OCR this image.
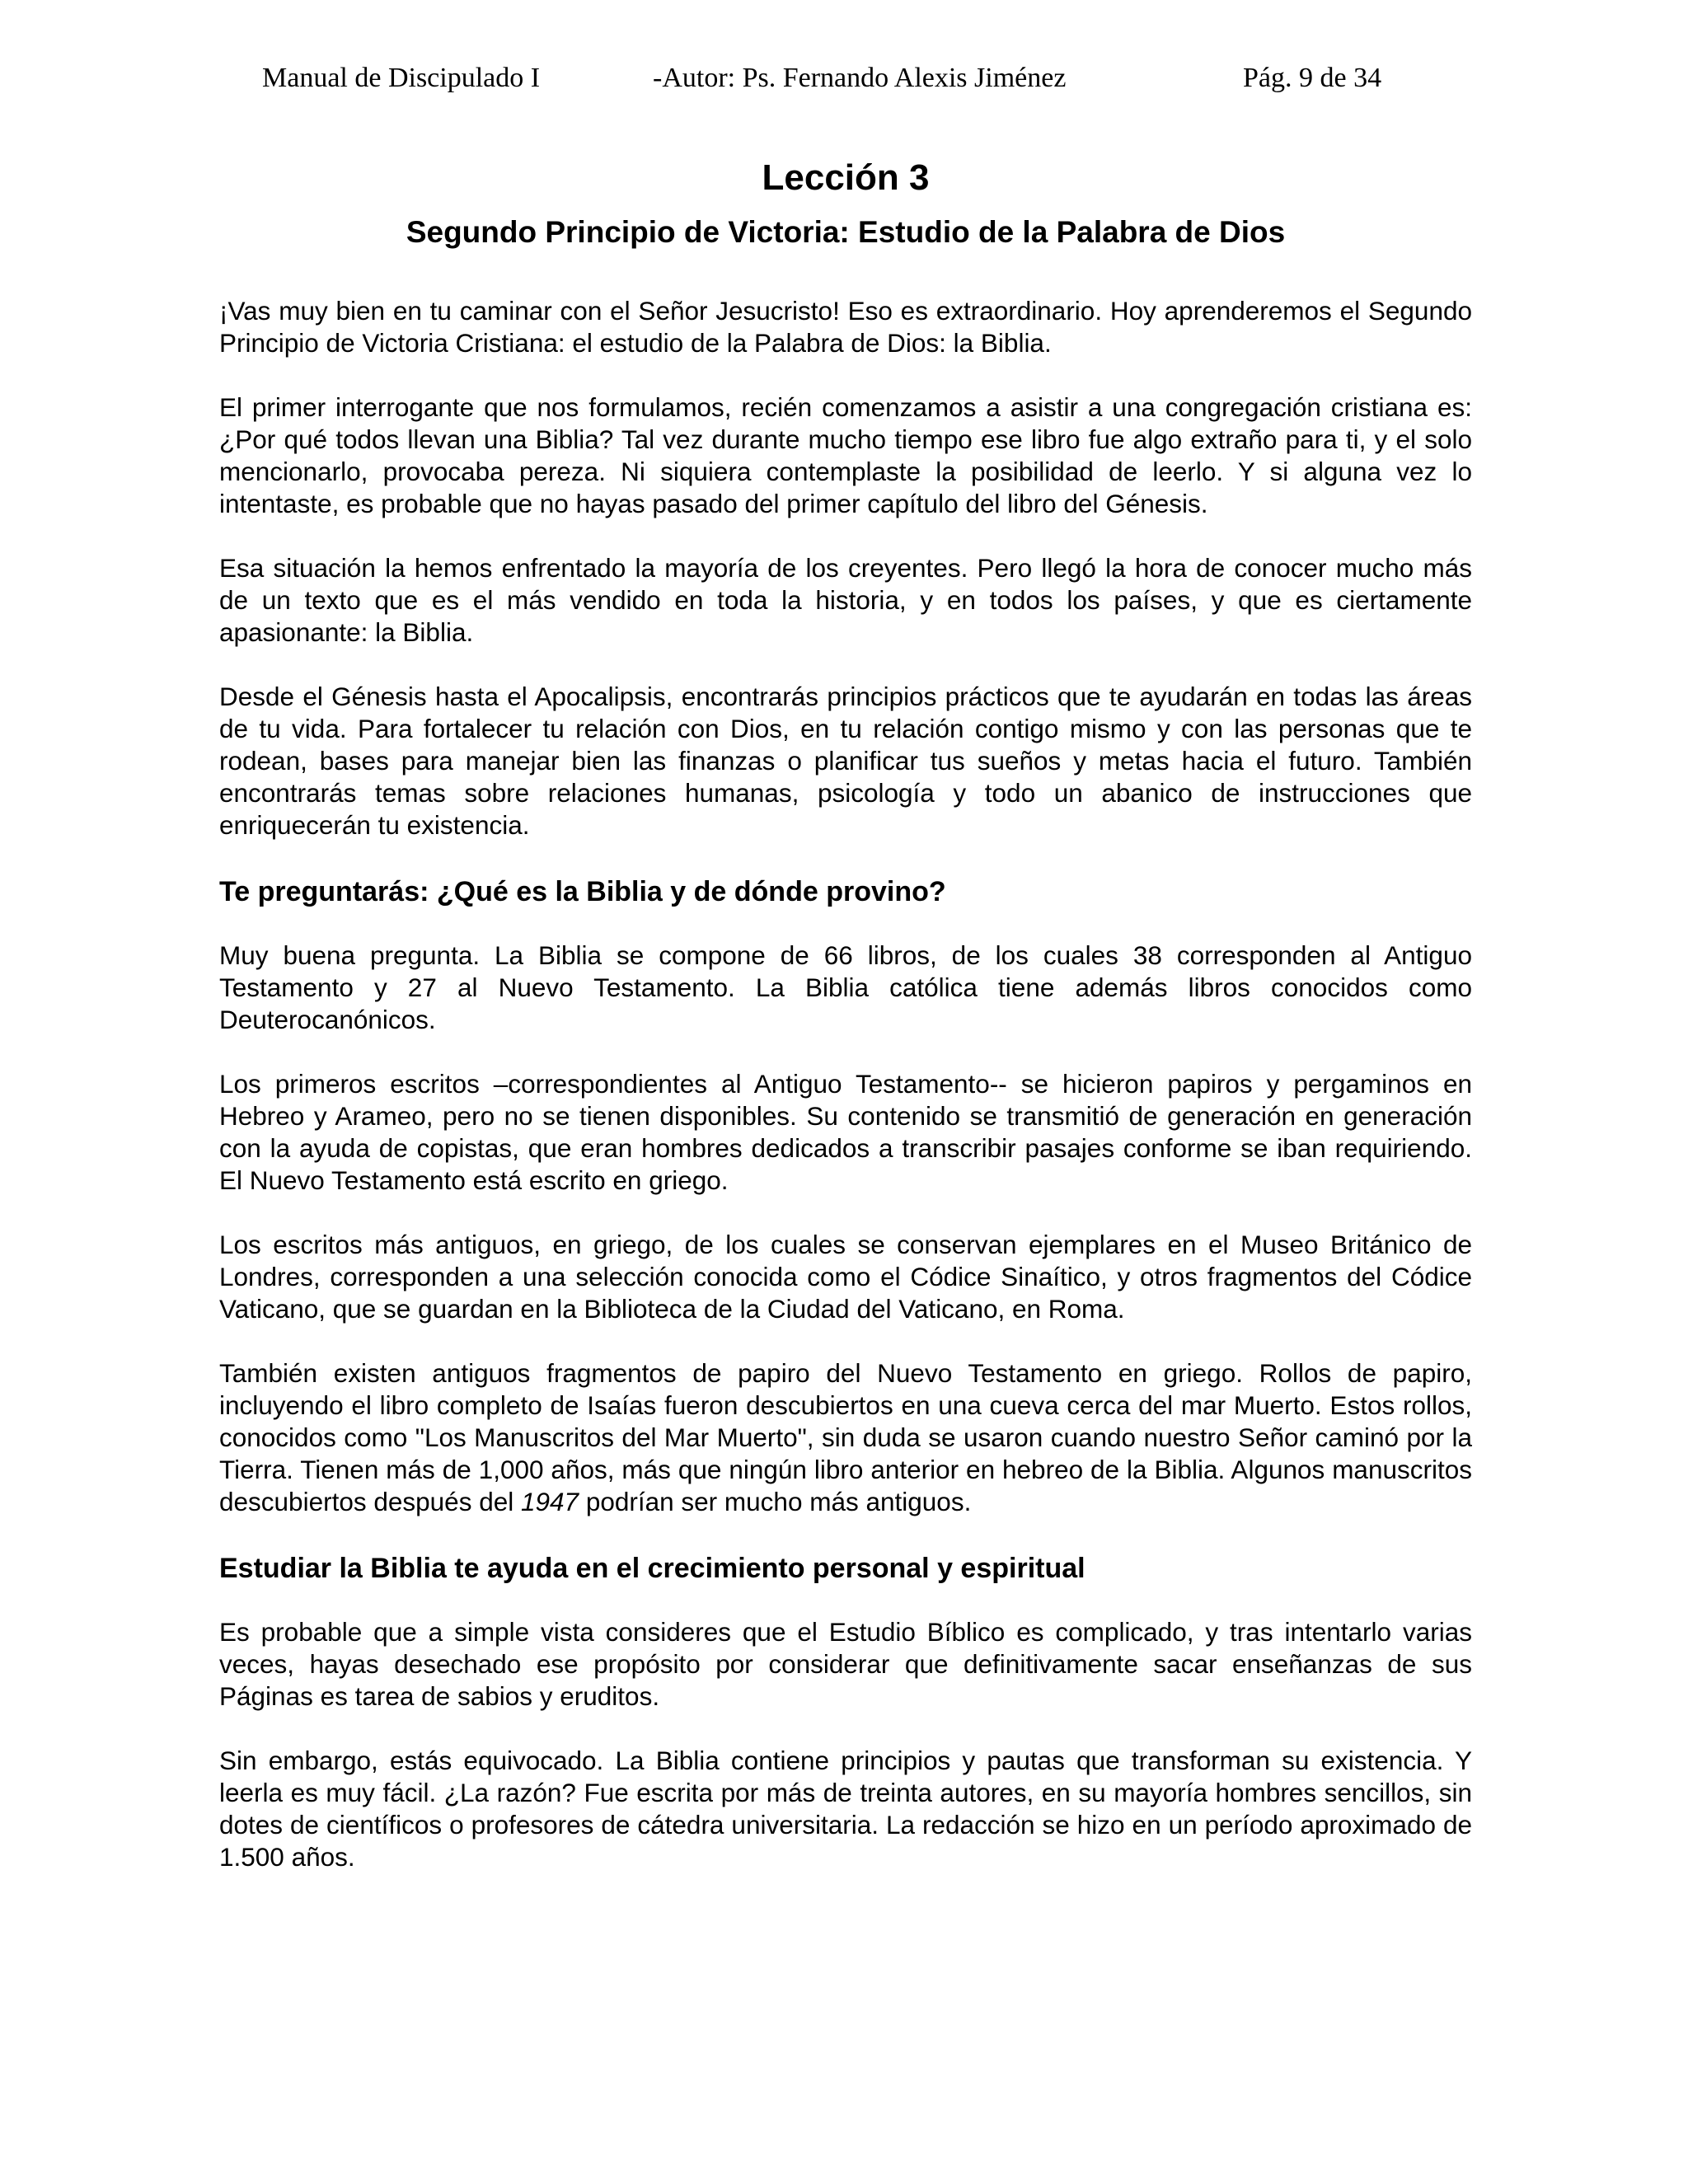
Manual de Discipulado I	-Autor: Ps. Fernando Alexis Jiménez	Pág. 9 de 34
Lección 3
Segundo Principio de Victoria: Estudio de la Palabra de Dios

¡Vas muy bien en tu caminar con el Señor Jesucristo! Eso es extraordinario. Hoy aprenderemos el Segundo Principio de Victoria Cristiana: el estudio de la Palabra de Dios: la Biblia.

El primer interrogante que nos formulamos, recién comenzamos a asistir a una congregación cristiana es: ¿Por qué todos llevan una Biblia? Tal vez durante mucho tiempo ese libro fue algo extraño para ti, y el solo mencionarlo, provocaba pereza. Ni siquiera contemplaste la posibilidad de leerlo. Y si alguna vez lo intentaste, es probable que no hayas pasado del primer capítulo del libro del Génesis.

Esa situación la hemos enfrentado la mayoría de los creyentes. Pero llegó la hora de conocer mucho más de un texto que es el más vendido en toda la historia, y en todos los países, y que es ciertamente apasionante: la Biblia.

Desde el Génesis hasta el Apocalipsis, encontrarás principios prácticos que te ayudarán en todas las áreas de tu vida. Para fortalecer tu relación con Dios, en tu relación contigo mismo y con las personas que te rodean, bases para manejar bien las finanzas o planificar tus sueños y metas hacia el futuro. También encontrarás temas sobre relaciones humanas, psicología y todo un abanico de instrucciones que enriquecerán tu existencia.

Te preguntarás: ¿Qué es la Biblia y de dónde provino?

Muy buena pregunta. La Biblia se compone de 66 libros, de los cuales 38 corresponden al Antiguo Testamento y 27 al Nuevo Testamento. La Biblia católica tiene además libros conocidos como Deuterocanónicos.

Los primeros escritos –correspondientes al Antiguo Testamento-- se hicieron papiros y pergaminos en Hebreo y Arameo, pero no se tienen disponibles. Su contenido se transmitió de generación en generación con la ayuda de copistas, que eran hombres dedicados a transcribir pasajes conforme se iban requiriendo. El Nuevo Testamento está escrito en griego.

Los escritos más antiguos, en griego, de los cuales se conservan ejemplares en el Museo Británico de Londres, corresponden a una selección conocida como el Códice Sinaítico, y otros fragmentos del Códice Vaticano, que se guardan en la Biblioteca de la Ciudad del Vaticano, en Roma.

También existen antiguos fragmentos de papiro del Nuevo Testamento en griego. Rollos de papiro, incluyendo el libro completo de Isaías fueron descubiertos en una cueva cerca del mar Muerto. Estos rollos, conocidos como "Los Manuscritos del Mar Muerto", sin duda se usaron cuando nuestro Señor caminó por la Tierra. Tienen más de 1,000 años, más que ningún libro anterior en hebreo de la Biblia. Algunos manuscritos descubiertos después del 1947 podrían ser mucho más antiguos.

Estudiar la Biblia te ayuda en el crecimiento personal y espiritual

Es probable que a simple vista consideres que el Estudio Bíblico es complicado, y tras intentarlo varias veces, hayas desechado ese propósito por considerar que definitivamente sacar enseñanzas de sus Páginas es tarea de sabios y eruditos.

Sin embargo, estás equivocado. La Biblia contiene principios y pautas que transforman su existencia. Y leerla es muy fácil. ¿La razón? Fue escrita por más de treinta autores, en su mayoría hombres sencillos, sin dotes de científicos o profesores de cátedra universitaria. La redacción se hizo en un período aproximado de 1.500 años.
